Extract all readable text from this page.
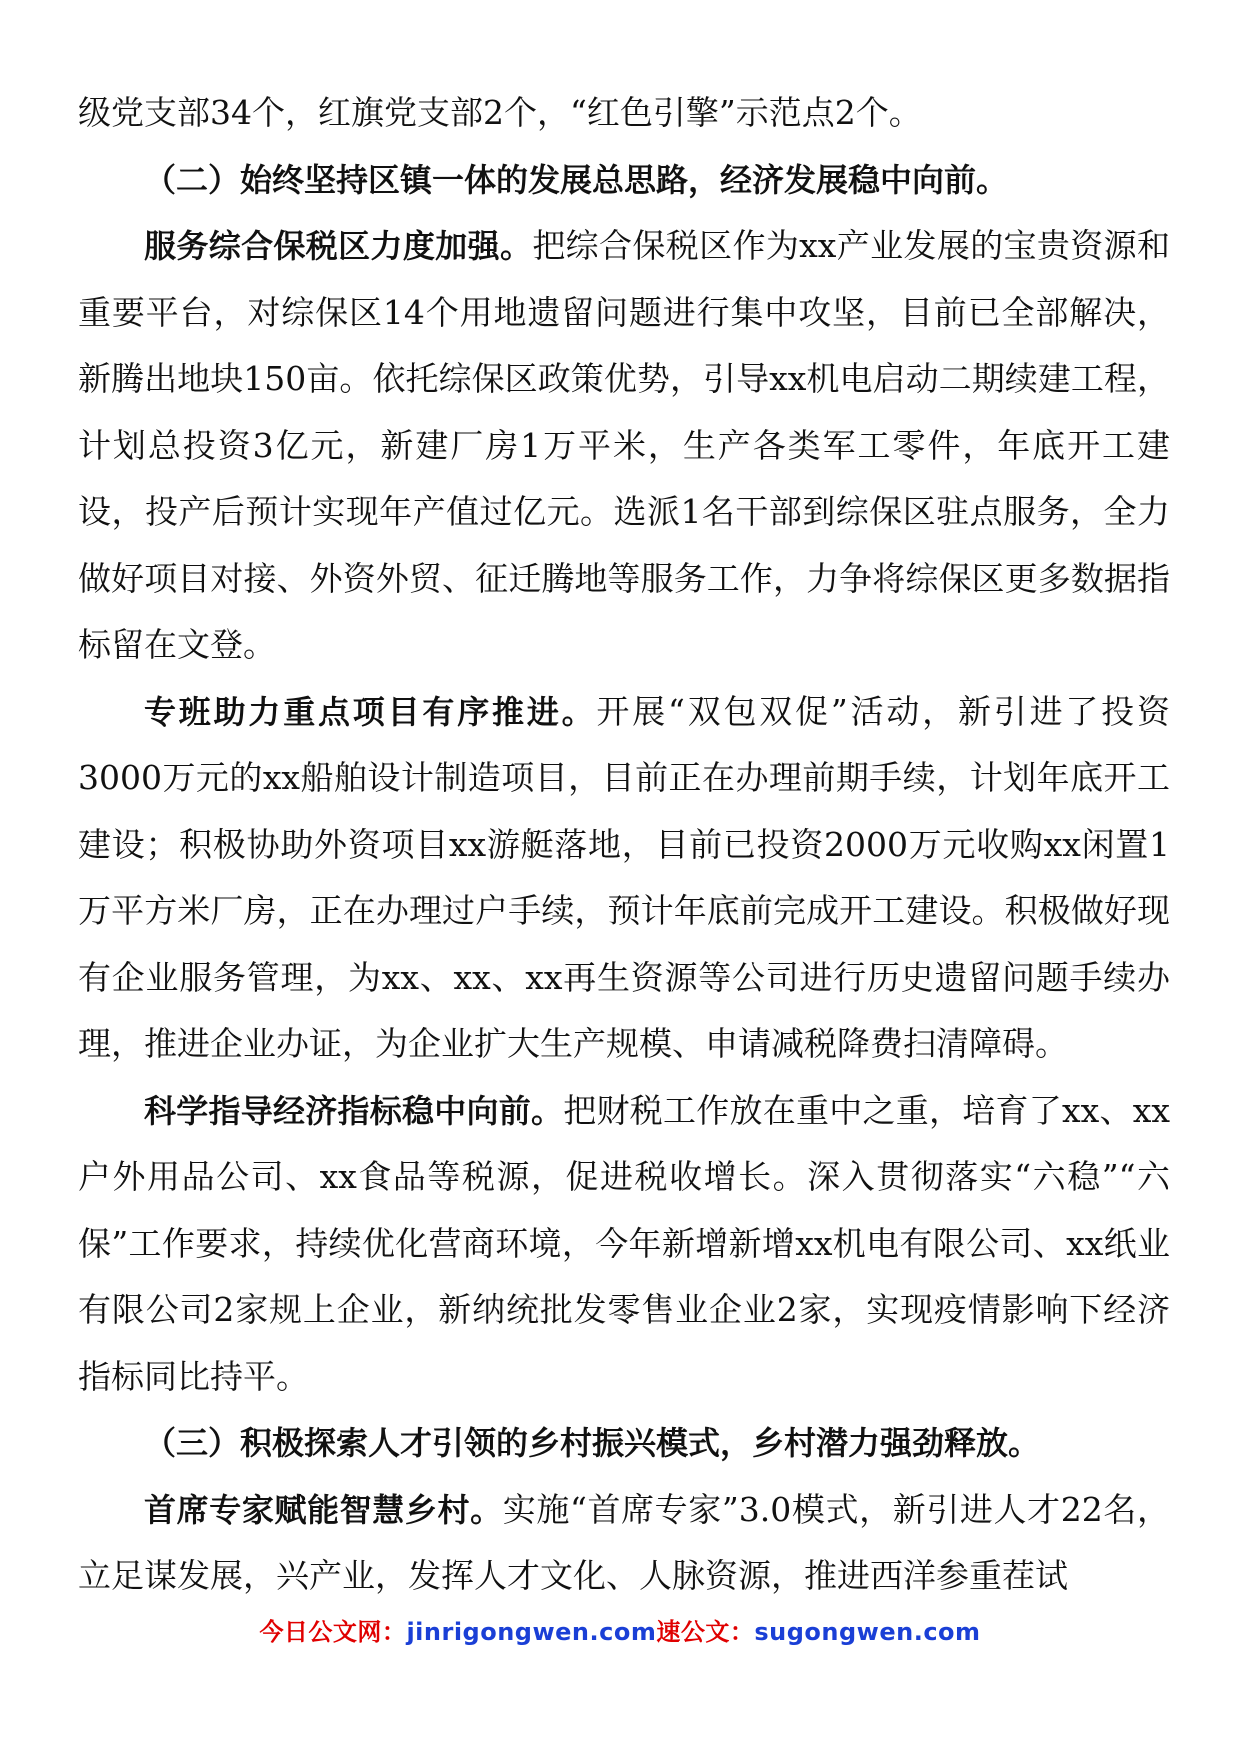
级党支部34个，红旗党支部2个，“红色引擎”示范点2个。

（二）始终坚持区镇一体的发展总思路，经济发展稳中向前。

服务综合保税区力度加强。把综合保税区作为xx产业发展的宝贵资源和重要平台，对综保区14个用地遗留问题进行集中攻坚，目前已全部解决，新腾出地块150亩。依托综保区政策优势，引导xx机电启动二期续建工程，计划总投资3亿元，新建厂房1万平米，生产各类军工零件，年底开工建设，投产后预计实现年产值过亿元。选派1名干部到综保区驻点服务，全力做好项目对接、外资外贸、征迁腾地等服务工作，力争将综保区更多数据指标留在文登。

专班助力重点项目有序推进。开展“双包双促”活动，新引进了投资3000万元的xx船舶设计制造项目，目前正在办理前期手续，计划年底开工建设；积极协助外资项目xx游艇落地，目前已投资2000万元收购xx闲置1万平方米厂房，正在办理过户手续，预计年底前完成开工建设。积极做好现有企业服务管理，为xx、xx、xx再生资源等公司进行历史遗留问题手续办理，推进企业办证，为企业扩大生产规模、申请减税降费扫清障碍。

科学指导经济指标稳中向前。把财税工作放在重中之重，培育了xx、xx户外用品公司、xx食品等税源，促进税收增长。深入贯彻落实“六稳”“六保”工作要求，持续优化营商环境，今年新增新增xx机电有限公司、xx纸业有限公司2家规上企业，新纳统批发零售业企业2家，实现疫情影响下经济指标同比持平。

（三）积极探索人才引领的乡村振兴模式，乡村潜力强劲释放。

首席专家赋能智慧乡村。实施“首席专家”3.0模式，新引进人才22名，立足谋发展，兴产业，发挥人才文化、人脉资源，推进西洋参重茬试

今日公文网：jinrigongwen.com速公文：sugongwen.com
